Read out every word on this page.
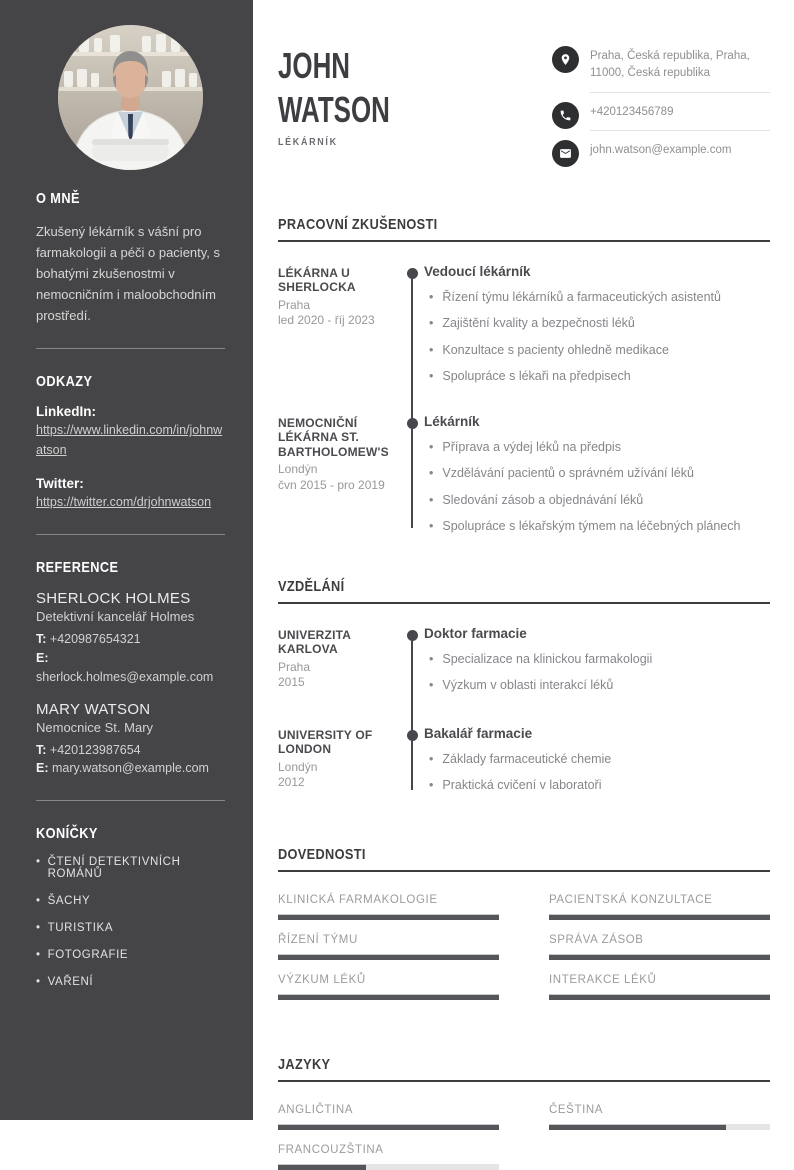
O MNĚ

Zkušený lékárník s vášní pro farmakologii a péči o pacienty, s bohatými zkušenostmi v nemocničním i maloobchodním prostředí.

ODKAZY
LinkedIn:
https://www.linkedin.com/in/johnwatson
Twitter:
https://twitter.com/drjohnwatson
REFERENCE
SHERLOCK HOLMES
Detektivní kancelář Holmes
T: +420987654321
E: sherlock.holmes@example.com
MARY WATSON
Nemocnice St. Mary
T: +420123987654
E: mary.watson@example.com
KONÍČKY
• ČTENÍ DETEKTIVNÍCH ROMÁNŮ
• ŠACHY
• TURISTIKA
• FOTOGRAFIE
• VAŘENÍ
JOHN
WATSON
LÉKÁRNÍK
Praha, Česká republika, Praha, 11000, Česká republika
+420123456789
john.watson@example.com
PRACOVNÍ ZKUŠENOSTI
LÉKÁRNA U SHERLOCKA
Praha
led 2020 - říj 2023
Vedoucí lékárník
• Řízení týmu lékárníků a farmaceutických asistentů
• Zajištění kvality a bezpečnosti léků
• Konzultace s pacienty ohledně medikace
• Spolupráce s lékaři na předpisech
NEMOCNIČNÍ LÉKÁRNA ST. BARTHOLOMEW'S
Londýn
čvn 2015 - pro 2019
Lékárník
• Příprava a výdej léků na předpis
• Vzdělávání pacientů o správném užívání léků
• Sledování zásob a objednávání léků
• Spolupráce s lékařským týmem na léčebných plánech
VZDĚLÁNÍ
UNIVERZITA KARLOVA
Praha
2015
Doktor farmacie
• Specializace na klinickou farmakologii
• Výzkum v oblasti interakcí léků
UNIVERSITY OF LONDON
Londýn
2012
Bakalář farmacie
• Základy farmaceutické chemie
• Praktická cvičení v laboratoři
DOVEDNOSTI
KLINICKÁ FARMAKOLOGIE	PACIENTSKÁ KONZULTACE
ŘÍZENÍ TÝMU	SPRÁVA ZÁSOB
VÝZKUM LÉKŮ	INTERAKCE LÉKŮ
JAZYKY
ANGLIČTINA	ČEŠTINA
FRANCOUZŠTINA
